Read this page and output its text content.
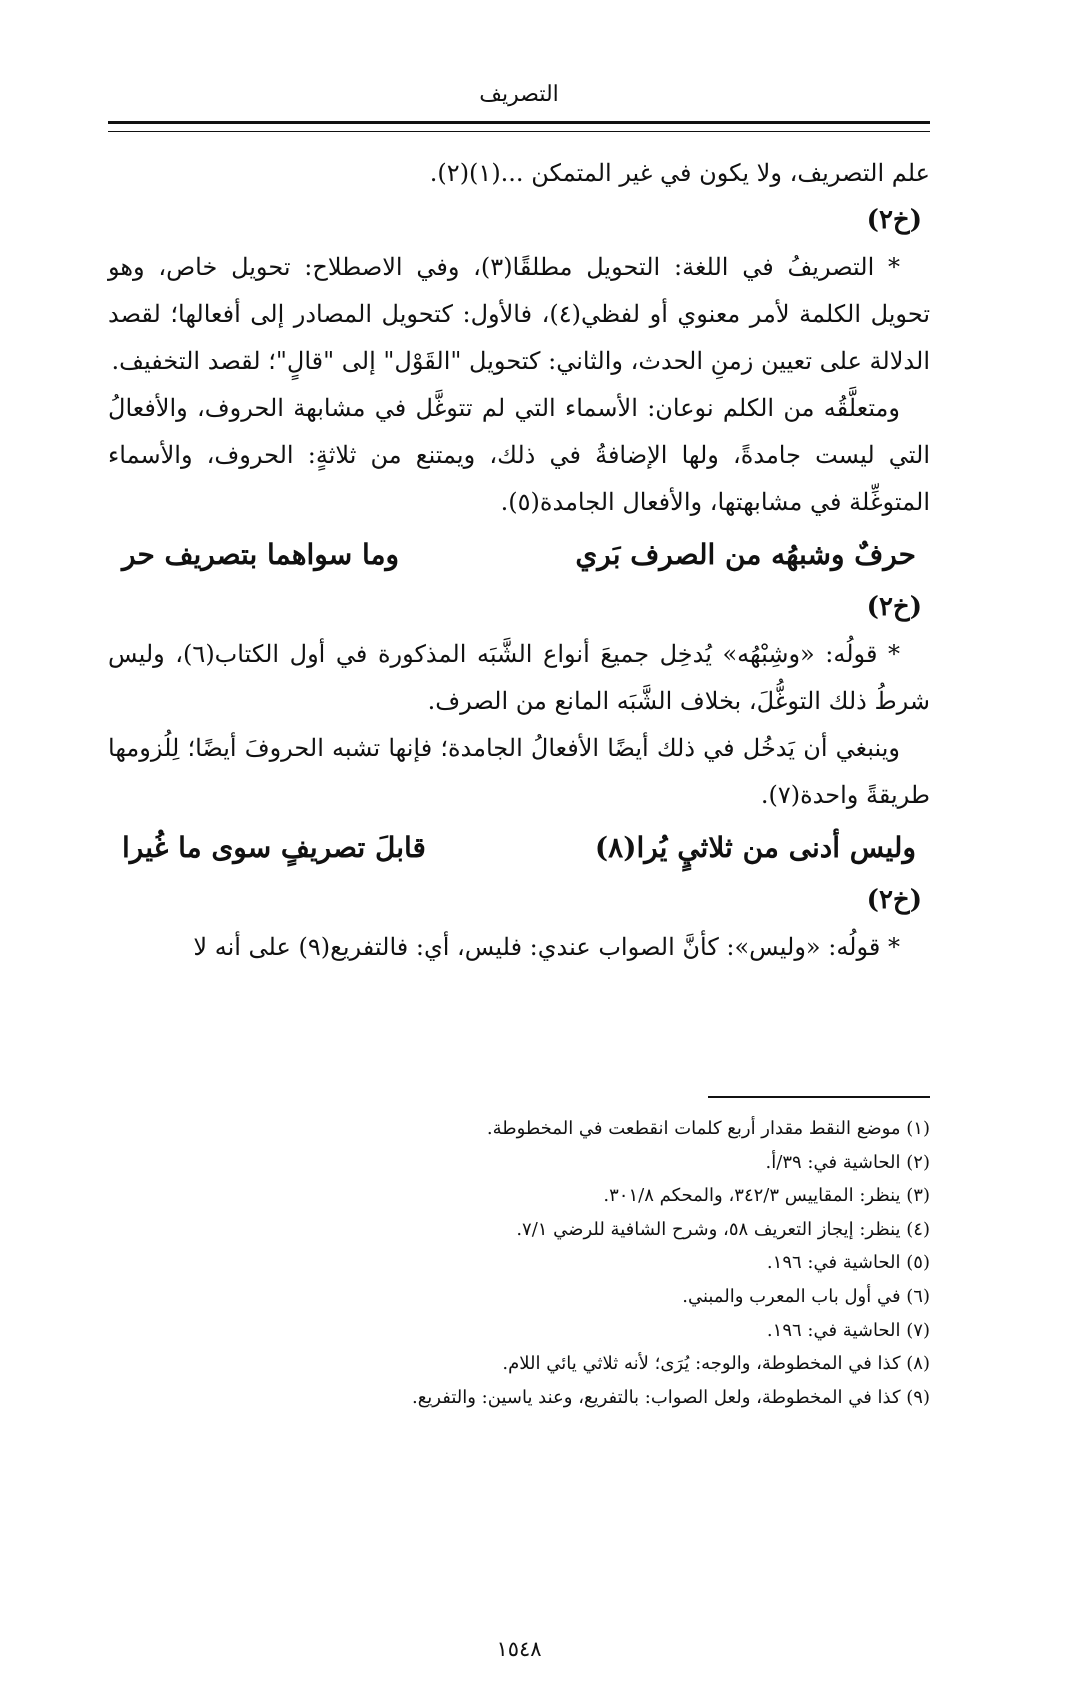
التصريف

علم التصريف، ولا يكون في غير المتمكن ...(١)(٢).

(خ٢)

* التصريفُ في اللغة: التحويل مطلقًا(٣)، وفي الاصطلاح: تحويل خاص، وهو تحويل الكلمة لأمر معنوي أو لفظي(٤)، فالأول: كتحويل المصادر إلى أفعالها؛ لقصد الدلالة على تعيين زمنِ الحدث، والثاني: كتحويل "القَوْل" إلى "قالٍ"؛ لقصد التخفيف.

ومتعلَّقُه من الكلم نوعان: الأسماء التي لم تتوغَّل في مشابهة الحروف، والأفعالُ التي ليست جامدةً، ولها الإضافةُ في ذلك، ويمتنع من ثلاثةٍ: الحروف، والأسماء المتوغِّلة في مشابهتها، والأفعال الجامدة(٥).

حرفٌ وشبهُه من الصرف بَري
وما سواهما بتصريف حر

(خ٢)

* قولُه: «وشِبْهُه» يُدخِل جميعَ أنواع الشَّبَه المذكورة في أول الكتاب(٦)، وليس شرطُ ذلك التوغُّلَ، بخلاف الشَّبَه المانع من الصرف.

وينبغي أن يَدخُل في ذلك أيضًا الأفعالُ الجامدة؛ فإنها تشبه الحروفَ أيضًا؛ لِلُزومها طريقةً واحدة(٧).

وليس أدنى من ثلاثيٍ يُرا(٨)
قابلَ تصريفٍ سوى ما غُيرا

(خ٢)

* قولُه: «وليس»: كأنَّ الصواب عندي: فليس، أي: فالتفريع(٩) على أنه لا

(١) موضع النقط مقدار أربع كلمات انقطعت في المخطوطة.
(٢) الحاشية في: ٣٩/أ.
(٣) ينظر: المقاييس ٣٤٢/٣، والمحكم ٣٠١/٨.
(٤) ينظر: إيجاز التعريف ٥٨، وشرح الشافية للرضي ٧/١.
(٥) الحاشية في: ١٩٦.
(٦) في أول باب المعرب والمبني.
(٧) الحاشية في: ١٩٦.
(٨) كذا في المخطوطة، والوجه: يُرَى؛ لأنه ثلاثي يائي اللام.
(٩) كذا في المخطوطة، ولعل الصواب: بالتفريع، وعند ياسين: والتفريع.
١٥٤٨
